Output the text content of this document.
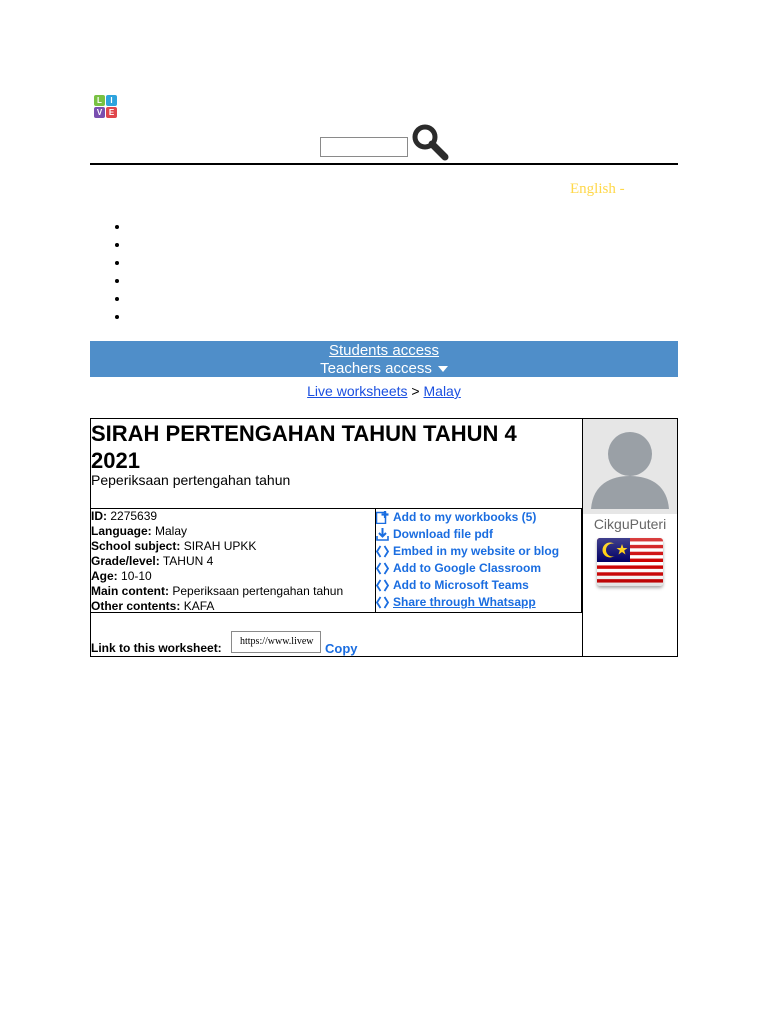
L	I
V E
English -
Students access
Teachers access
Live worksheets > Malay
SIRAH PERTENGAHAN TAHUN TAHUN 4 2021
Peperiksaan pertengahan tahun
ID: 2275639
Language: Malay
School subject: SIRAH UPKK
Grade/level: TAHUN 4
Age: 10-10
Main content: Peperiksaan pertengahan tahun
Other contents: KAFA
Add to my workbooks (5)
Download file pdf
Embed in my website or blog
Add to Google Classroom
Add to Microsoft Teams
Share through Whatsapp
Link to this worksheet:	https://www.livew Copy
CikguPuteri
